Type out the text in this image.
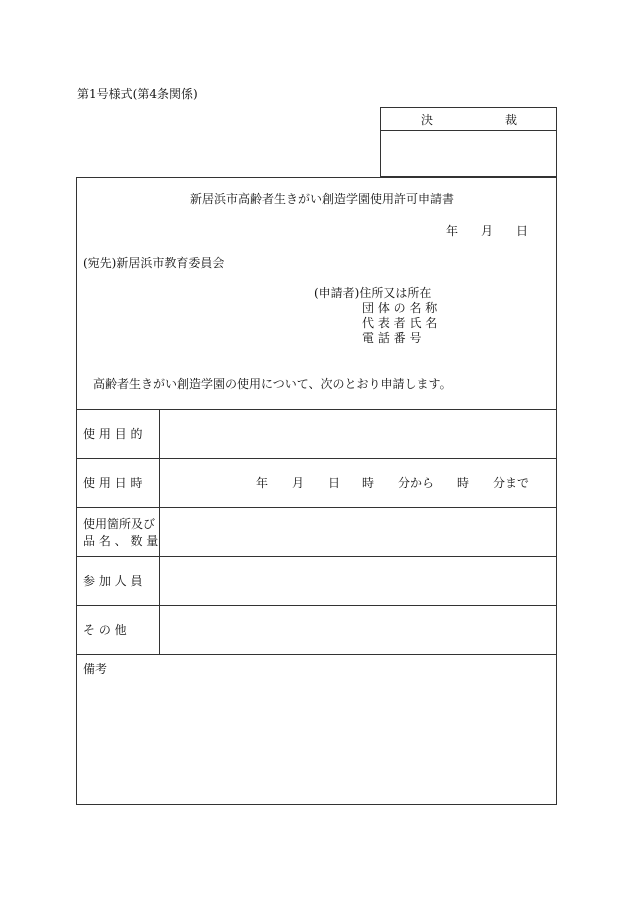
第1号様式(第4条関係)
決	裁
新居浜市高齢者生きがい創造学園使用許可申請書
年 月 日
(宛先)新居浜市教育委員会
(申請者)住所又は所在
団 体 の 名 称
代 表 者 氏 名
電 話 番 号
高齢者生きがい創造学園の使用について、次のとおり申請します。
使 用 目 的
使 用 日 時
使用箇所及び
品 名 、 数 量
参 加 人 員
そ の 他
年 月 日 時 分から 時 分まで
備考
